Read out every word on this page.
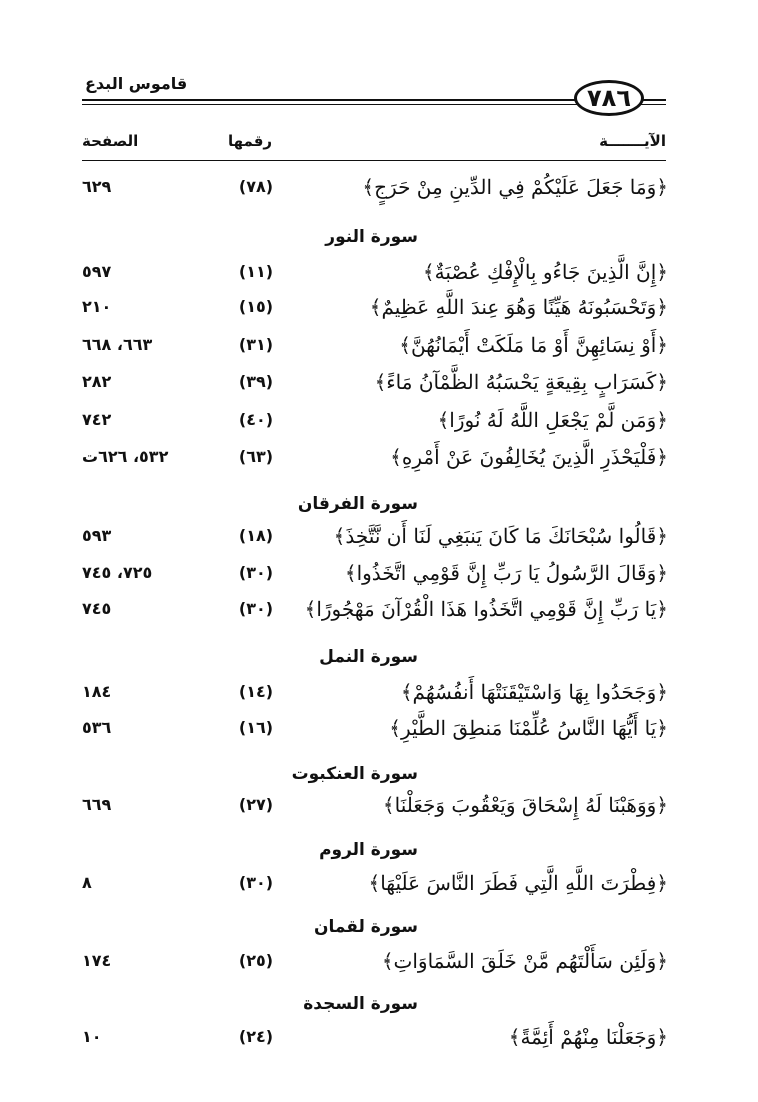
قاموس البدع
٧٨٦
الآيـــــــة
رقمها
الصفحة
﴿وَمَا جَعَلَ عَلَيْكُمْ فِي الدِّينِ مِنْ حَرَجٍ﴾
(٧٨)
٦٢٩
سورة النور
﴿إِنَّ الَّذِينَ جَاءُو بِالْإِفْكِ عُصْبَةٌ﴾
(١١)
٥٩٧
﴿وَتَحْسَبُونَهُ هَيِّنًا وَهُوَ عِندَ اللَّهِ عَظِيمٌ﴾
(١٥)
٢١٠
﴿أَوْ نِسَائِهِنَّ أَوْ مَا مَلَكَتْ أَيْمَانُهُنَّ﴾
(٣١)
٦٦٣، ٦٦٨
﴿كَسَرَابٍ بِقِيعَةٍ يَحْسَبُهُ الظَّمْآنُ مَاءً﴾
(٣٩)
٢٨٢
﴿وَمَن لَّمْ يَجْعَلِ اللَّهُ لَهُ نُورًا﴾
(٤٠)
٧٤٢
﴿فَلْيَحْذَرِ الَّذِينَ يُخَالِفُونَ عَنْ أَمْرِهِ﴾
(٦٣)
٥٣٢، ٦٢٦ت
سورة الفرقان
﴿قَالُوا سُبْحَانَكَ مَا كَانَ يَنبَغِي لَنَا أَن نَّتَّخِذَ﴾
(١٨)
٥٩٣
﴿وَقَالَ الرَّسُولُ يَا رَبِّ إِنَّ قَوْمِي اتَّخَذُوا﴾
(٣٠)
٧٢٥، ٧٤٥
﴿يَا رَبِّ إِنَّ قَوْمِي اتَّخَذُوا هَذَا الْقُرْآنَ مَهْجُورًا﴾
(٣٠)
٧٤٥
سورة النمل
﴿وَجَحَدُوا بِهَا وَاسْتَيْقَنَتْهَا أَنفُسُهُمْ﴾
(١٤)
١٨٤
﴿يَا أَيُّهَا النَّاسُ عُلِّمْنَا مَنطِقَ الطَّيْرِ﴾
(١٦)
٥٣٦
سورة العنكبوت
﴿وَوَهَبْنَا لَهُ إِسْحَاقَ وَيَعْقُوبَ وَجَعَلْنَا﴾
(٢٧)
٦٦٩
سورة الروم
﴿فِطْرَتَ اللَّهِ الَّتِي فَطَرَ النَّاسَ عَلَيْهَا﴾
(٣٠)
٨
سورة لقمان
﴿وَلَئِن سَأَلْتَهُم مَّنْ خَلَقَ السَّمَاوَاتِ﴾
(٢٥)
١٧٤
سورة السجدة
﴿وَجَعَلْنَا مِنْهُمْ أَئِمَّةً﴾
(٢٤)
١٠
